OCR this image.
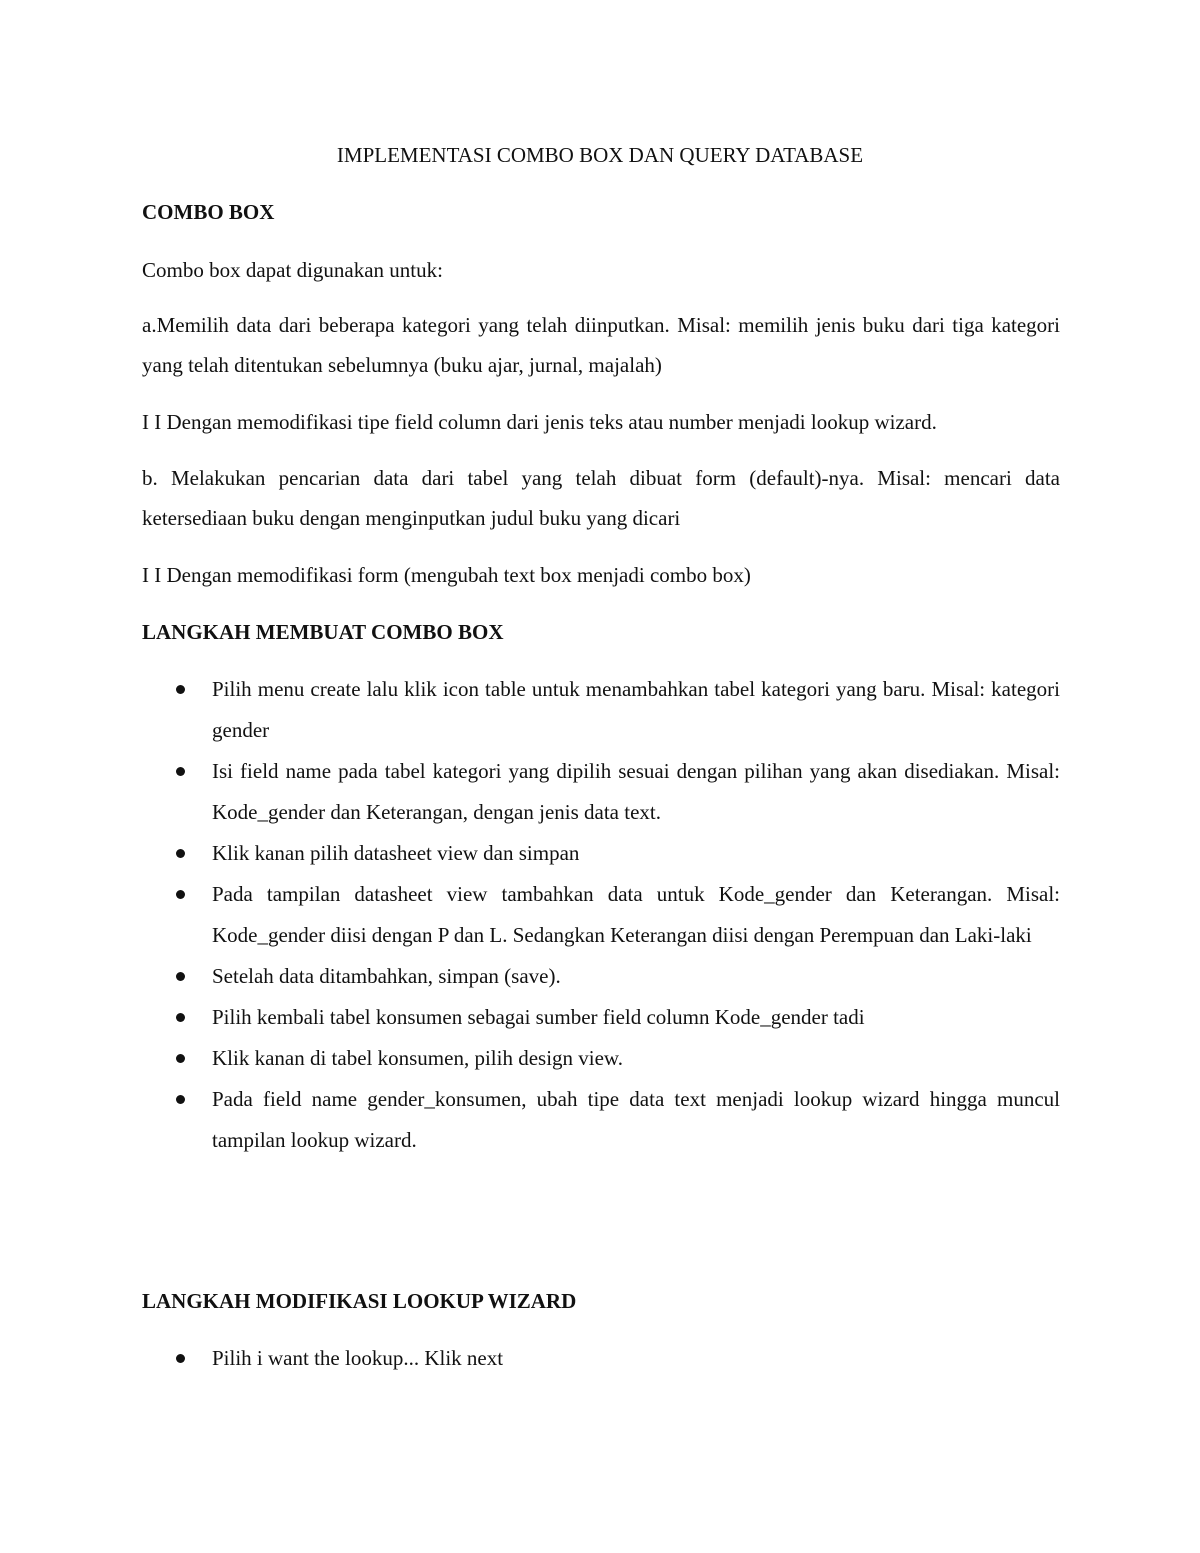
IMPLEMENTASI COMBO BOX DAN QUERY DATABASE
COMBO BOX
Combo box dapat digunakan untuk:
a.Memilih data dari beberapa kategori yang telah diinputkan. Misal: memilih jenis buku dari tiga kategori yang telah ditentukan sebelumnya (buku ajar, jurnal, majalah)
I I Dengan memodifikasi tipe field column dari jenis teks atau number menjadi lookup wizard.
b. Melakukan pencarian data dari tabel yang telah dibuat form (default)-nya. Misal: mencari data ketersediaan buku dengan menginputkan judul buku yang dicari
I I Dengan memodifikasi form (mengubah text box menjadi combo box)
LANGKAH MEMBUAT COMBO BOX
Pilih menu create lalu klik icon table untuk menambahkan tabel kategori yang baru. Misal: kategori gender
Isi field name pada tabel kategori yang dipilih sesuai dengan pilihan yang akan disediakan. Misal: Kode_gender dan Keterangan, dengan jenis data text.
Klik kanan pilih datasheet view dan simpan
Pada tampilan datasheet view tambahkan data untuk Kode_gender dan Keterangan. Misal: Kode_gender diisi dengan P dan L. Sedangkan Keterangan diisi dengan Perempuan dan Laki-laki
Setelah data ditambahkan, simpan (save).
Pilih kembali tabel konsumen sebagai sumber field column Kode_gender tadi
Klik kanan di tabel konsumen, pilih design view.
Pada field name gender_konsumen, ubah tipe data text menjadi lookup wizard hingga muncul tampilan lookup wizard.
LANGKAH MODIFIKASI LOOKUP WIZARD
Pilih i want the lookup... Klik next
